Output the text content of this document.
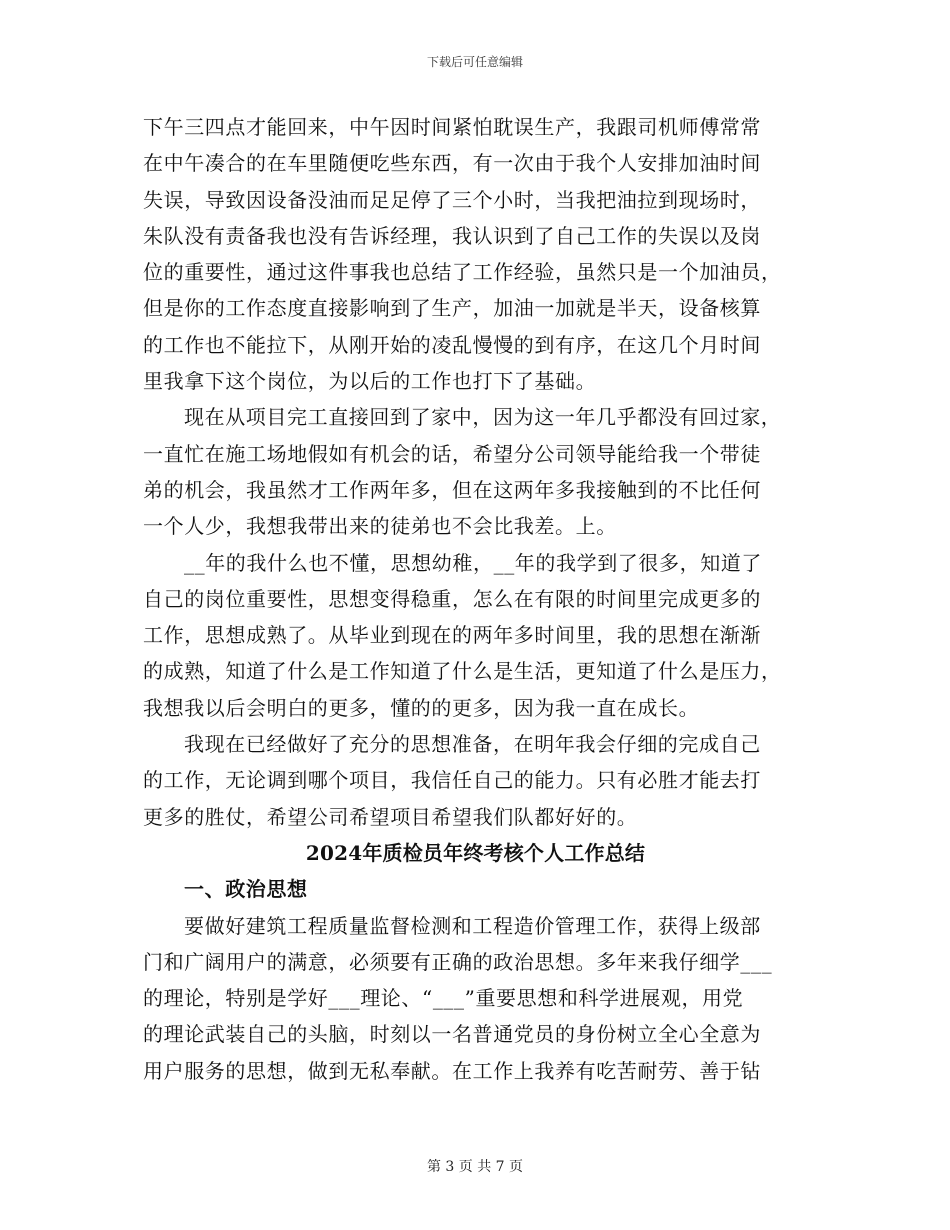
下载后可任意编辑

下午三四点才能回来，中午因时间紧怕耽误生产，我跟司机师傅常常
在中午凑合的在车里随便吃些东西，有一次由于我个人安排加油时间
失误，导致因设备没油而足足停了三个小时，当我把油拉到现场时，
朱队没有责备我也没有告诉经理，我认识到了自己工作的失误以及岗
位的重要性，通过这件事我也总结了工作经验，虽然只是一个加油员，
但是你的工作态度直接影响到了生产，加油一加就是半天，设备核算
的工作也不能拉下，从刚开始的凌乱慢慢的到有序，在这几个月时间
里我拿下这个岗位，为以后的工作也打下了基础。

现在从项目完工直接回到了家中，因为这一年几乎都没有回过家，
一直忙在施工场地假如有机会的话，希望分公司领导能给我一个带徒
弟的机会，我虽然才工作两年多，但在这两年多我接触到的不比任何
一个人少，我想我带出来的徒弟也不会比我差。上。

__年的我什么也不懂，思想幼稚，__年的我学到了很多，知道了
自己的岗位重要性，思想变得稳重，怎么在有限的时间里完成更多的
工作，思想成熟了。从毕业到现在的两年多时间里，我的思想在渐渐
的成熟，知道了什么是工作知道了什么是生活，更知道了什么是压力，
我想我以后会明白的更多，懂的的更多，因为我一直在成长。

我现在已经做好了充分的思想准备，在明年我会仔细的完成自己
的工作，无论调到哪个项目，我信任自己的能力。只有必胜才能去打
更多的胜仗，希望公司希望项目希望我们队都好好的。

2024年质检员年终考核个人工作总结
一、政治思想

要做好建筑工程质量监督检测和工程造价管理工作，获得上级部
门和广阔用户的满意，必须要有正确的政治思想。多年来我仔细学___
的理论，特别是学好___理论、“___”重要思想和科学进展观，用党
的理论武装自己的头脑，时刻以一名普通党员的身份树立全心全意为
用户服务的思想，做到无私奉献。在工作上我养有吃苦耐劳、善于钻

第 3 页 共 7 页
